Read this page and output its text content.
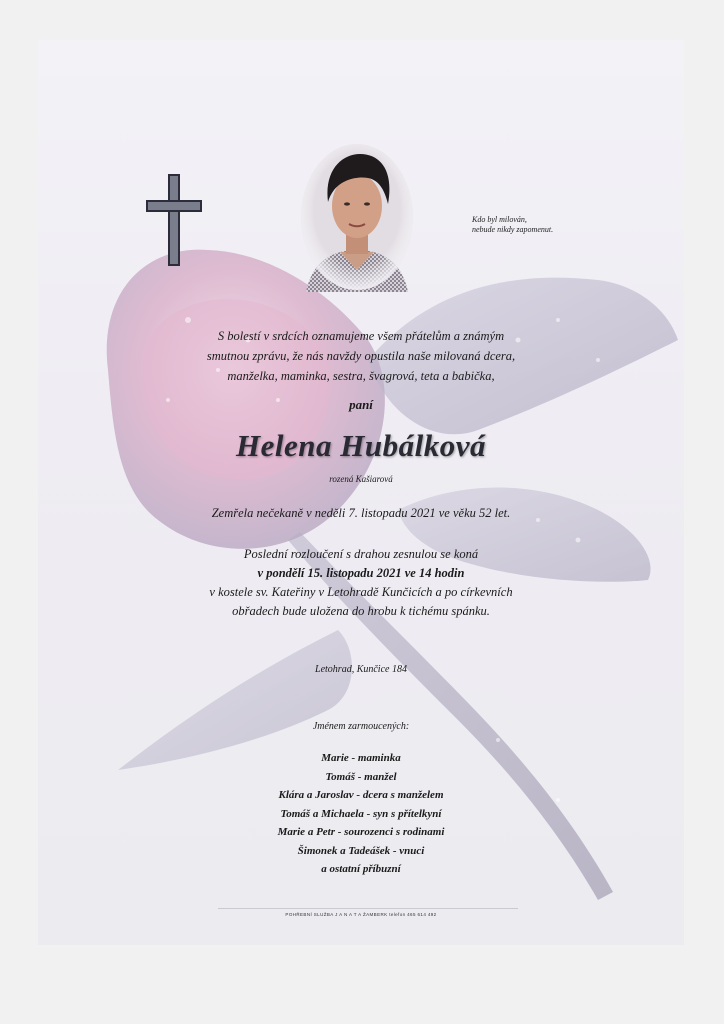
Kdo byl milován,
nebude nikdy zapomenut.
S bolestí v srdcích oznamujeme všem přátelům a známým
smutnou zprávu, že nás navždy opustila naše milovaná dcera,
manželka, maminka, sestra, švagrová, teta a babička,
paní
Helena Hubálková
rozená Kašiarová
Zemřela nečekaně v neděli 7. listopadu 2021 ve věku 52 let.
Poslední rozloučení s drahou zesnulou se koná
v pondělí 15. listopadu 2021 ve 14 hodin
v kostele sv. Kateřiny v Letohradě Kunčicích a po církevních
obřadech bude uložena do hrobu k tichému spánku.
Letohrad, Kunčice 184
Jménem zarmoucených:
Marie - maminka
Tomáš - manžel
Klára a Jaroslav - dcera s manželem
Tomáš a Michaela - syn s přítelkyní
Marie a Petr - sourozenci s rodinami
Šimonek a Tadeášek - vnuci
a ostatní příbuzní
POHŘEBNÍ SLUŽBA J A N A T A ŽAMBERK telefon 465 614 492
